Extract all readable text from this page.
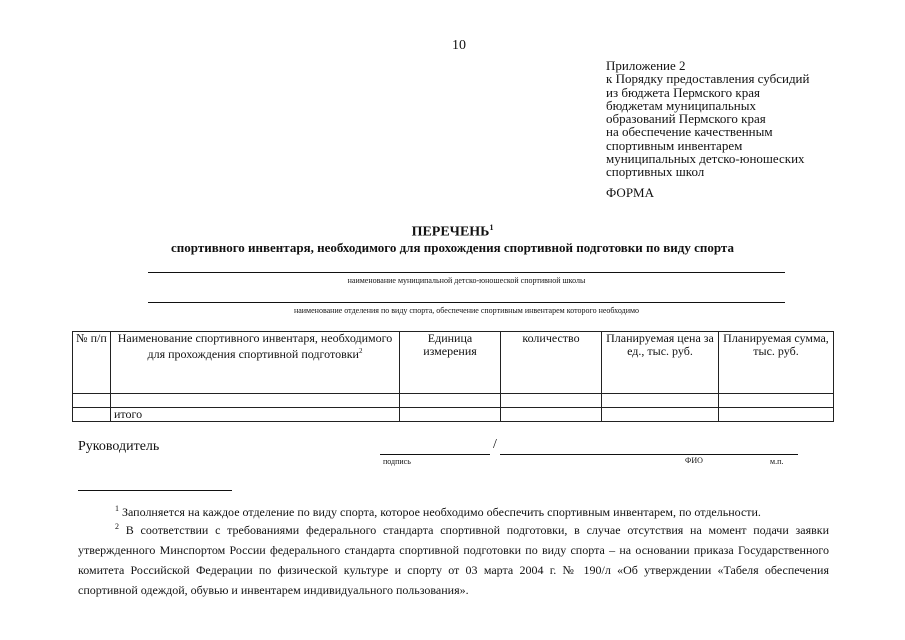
10
Приложение 2
к Порядку предоставления субсидий
из бюджета Пермского края
бюджетам муниципальных
образований Пермского края
на обеспечение качественным
спортивным инвентарем
муниципальных детско-юношеских
спортивных школ
ФОРМА
ПЕРЕЧЕНЬ$^1$
спортивного инвентаря, необходимого для прохождения спортивной подготовки по виду спорта
наименование муниципальной детско-юношеской спортивной школы
наименование отделения по виду спорта, обеспечение спортивным инвентарем которого необходимо
№ п/п	Наименование спортивного инвентаря, необходимого для прохождения спортивной подготовки$^2$	Единица измерения	количество	Планируемая цена за ед., тыс. руб.	Планируемая сумма, тыс. руб.

	итого				
Руководитель	/
подпись	ФИО	м.п.
$^1$ Заполняется на каждое отделение по виду спорта, которое необходимо обеспечить спортивным инвентарем, по отдельности.
$^2$ В соответствии с требованиями федерального стандарта спортивной подготовки, в случае отсутствия на момент подачи заявки утвержденного Минспортом России федерального стандарта спортивной подготовки по виду спорта – на основании приказа Государственного комитета Российской Федерации по физической культуре и спорту от 03 марта 2004 г. № 190/л «Об утверждении «Табеля обеспечения спортивной одеждой, обувью и инвентарем индивидуального пользования».
